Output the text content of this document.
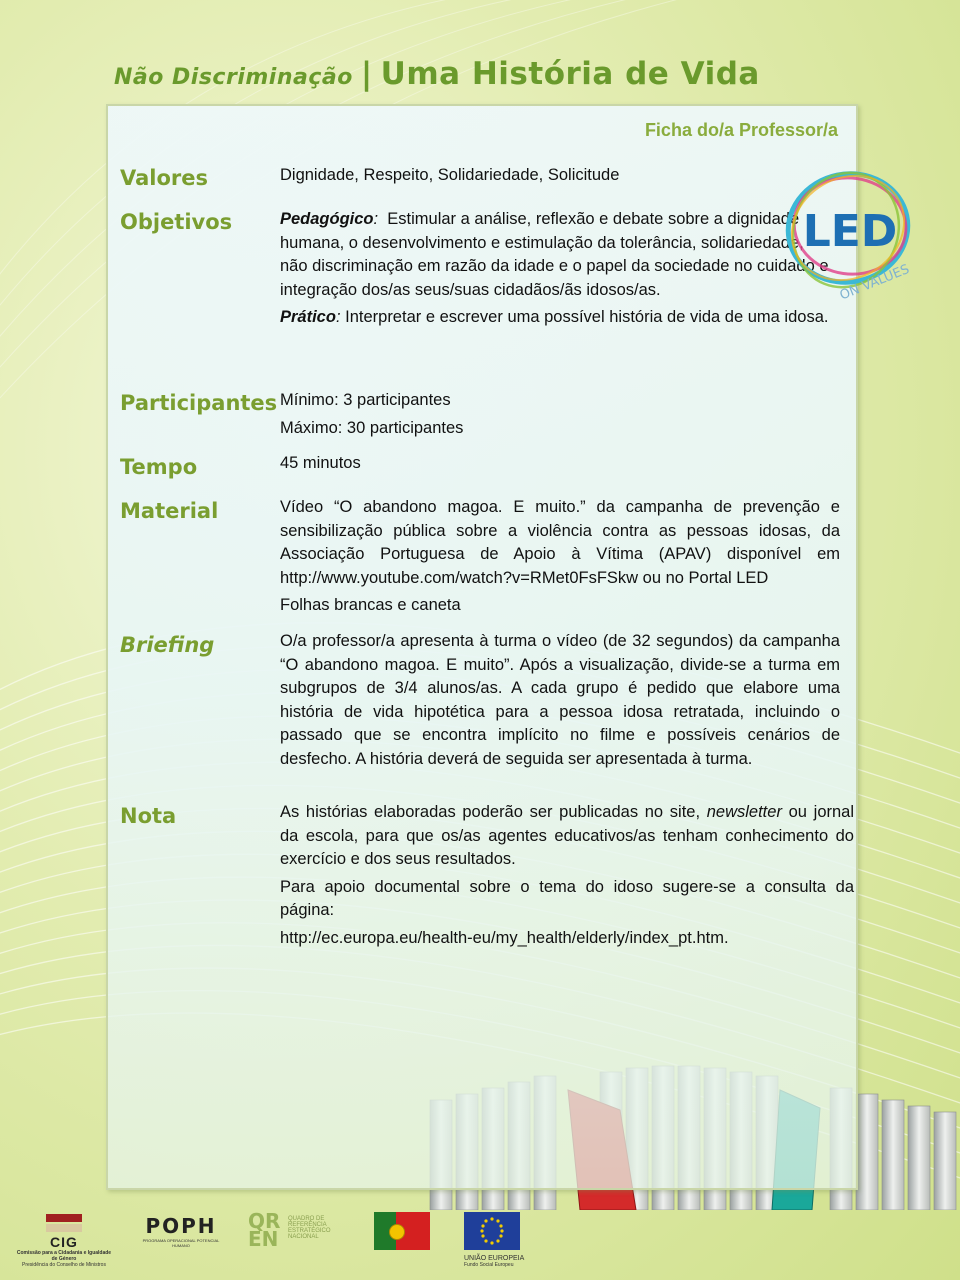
Não Discriminação | Uma História de Vida
Ficha do/a Professor/a
Valores	Dignidade, Respeito, Solidariedade, Solicitude
Objetivos	Pedagógico: Estimular a análise, reflexão e debate sobre a dignidade humana, o desenvolvimento e estimulação da tolerância, solidariedade, não discriminação em razão da idade e o papel da sociedade no cuidado e integração dos/as seus/suas cidadãos/ãs idosos/as.

Prático: Interpretar e escrever uma possível história de vida de uma idosa.

Participantes Mínimo: 3 participantes

Máximo: 30 participantes

Tempo	45 minutos
Material	Vídeo “O abandono magoa. E muito.” da campanha de prevenção e sensibilização pública sobre a violência contra as pessoas idosas, da Associação Portuguesa de Apoio à Vítima (APAV) disponível em http://www.youtube.com/watch?v=RMet0FsFSkw ou no Portal LED

Folhas brancas e caneta

Briefing	O/a professor/a apresenta à turma o vídeo (de 32 segundos) da campanha “O abandono magoa. E muito”. Após a visualização, divide-se a turma em subgrupos de 3/4 alunos/as. A cada grupo é pedido que elabore uma história de vida hipotética para a pessoa idosa retratada, incluindo o passado que se encontra implícito no filme e possíveis cenários de desfecho. A história deverá de seguida ser apresentada à turma.
Nota	As histórias elaboradas poderão ser publicadas no site, newsletter ou jornal da escola, para que os/as agentes educativos/as tenham conhecimento do exercício e dos seus resultados.

Para apoio documental sobre o tema do idoso sugere-se a consulta da página:

http://ec.europa.eu/health-eu/my_health/elderly/index_pt.htm.

LED
ON VALUES
CIG
Comissão para a Cidadania e Igualdade de Género
Presidência do Conselho de Ministros
POPH
PROGRAMA OPERACIONAL POTENCIAL HUMANO
QREN
QUADRO DE REFERÊNCIA ESTRATÉGICO NACIONAL
UNIÃO EUROPEIA
Fundo Social Europeu
